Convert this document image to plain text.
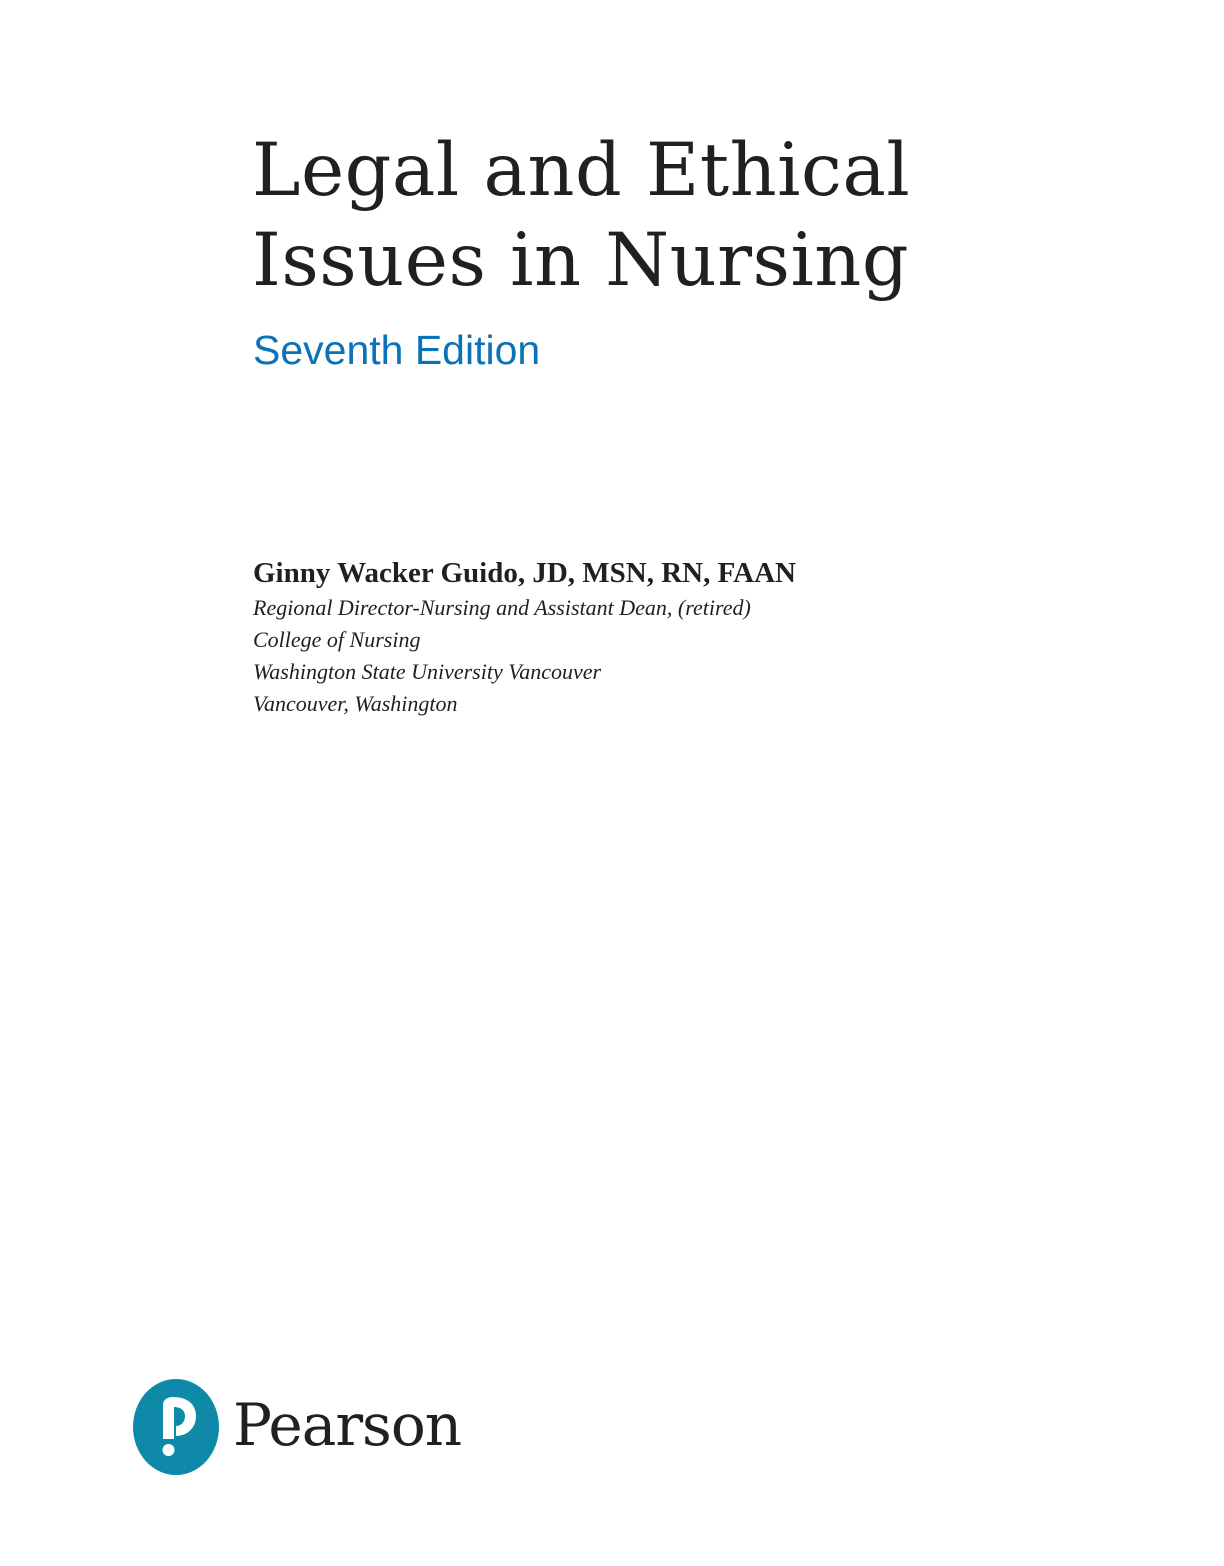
Legal and Ethical
Issues in Nursing
Seventh Edition

Ginny Wacker Guido, JD, MSN, RN, FAAN

Regional Director-Nursing and Assistant Dean, (retired)

College of Nursing

Washington State University Vancouver

Vancouver, Washington

Pearson
